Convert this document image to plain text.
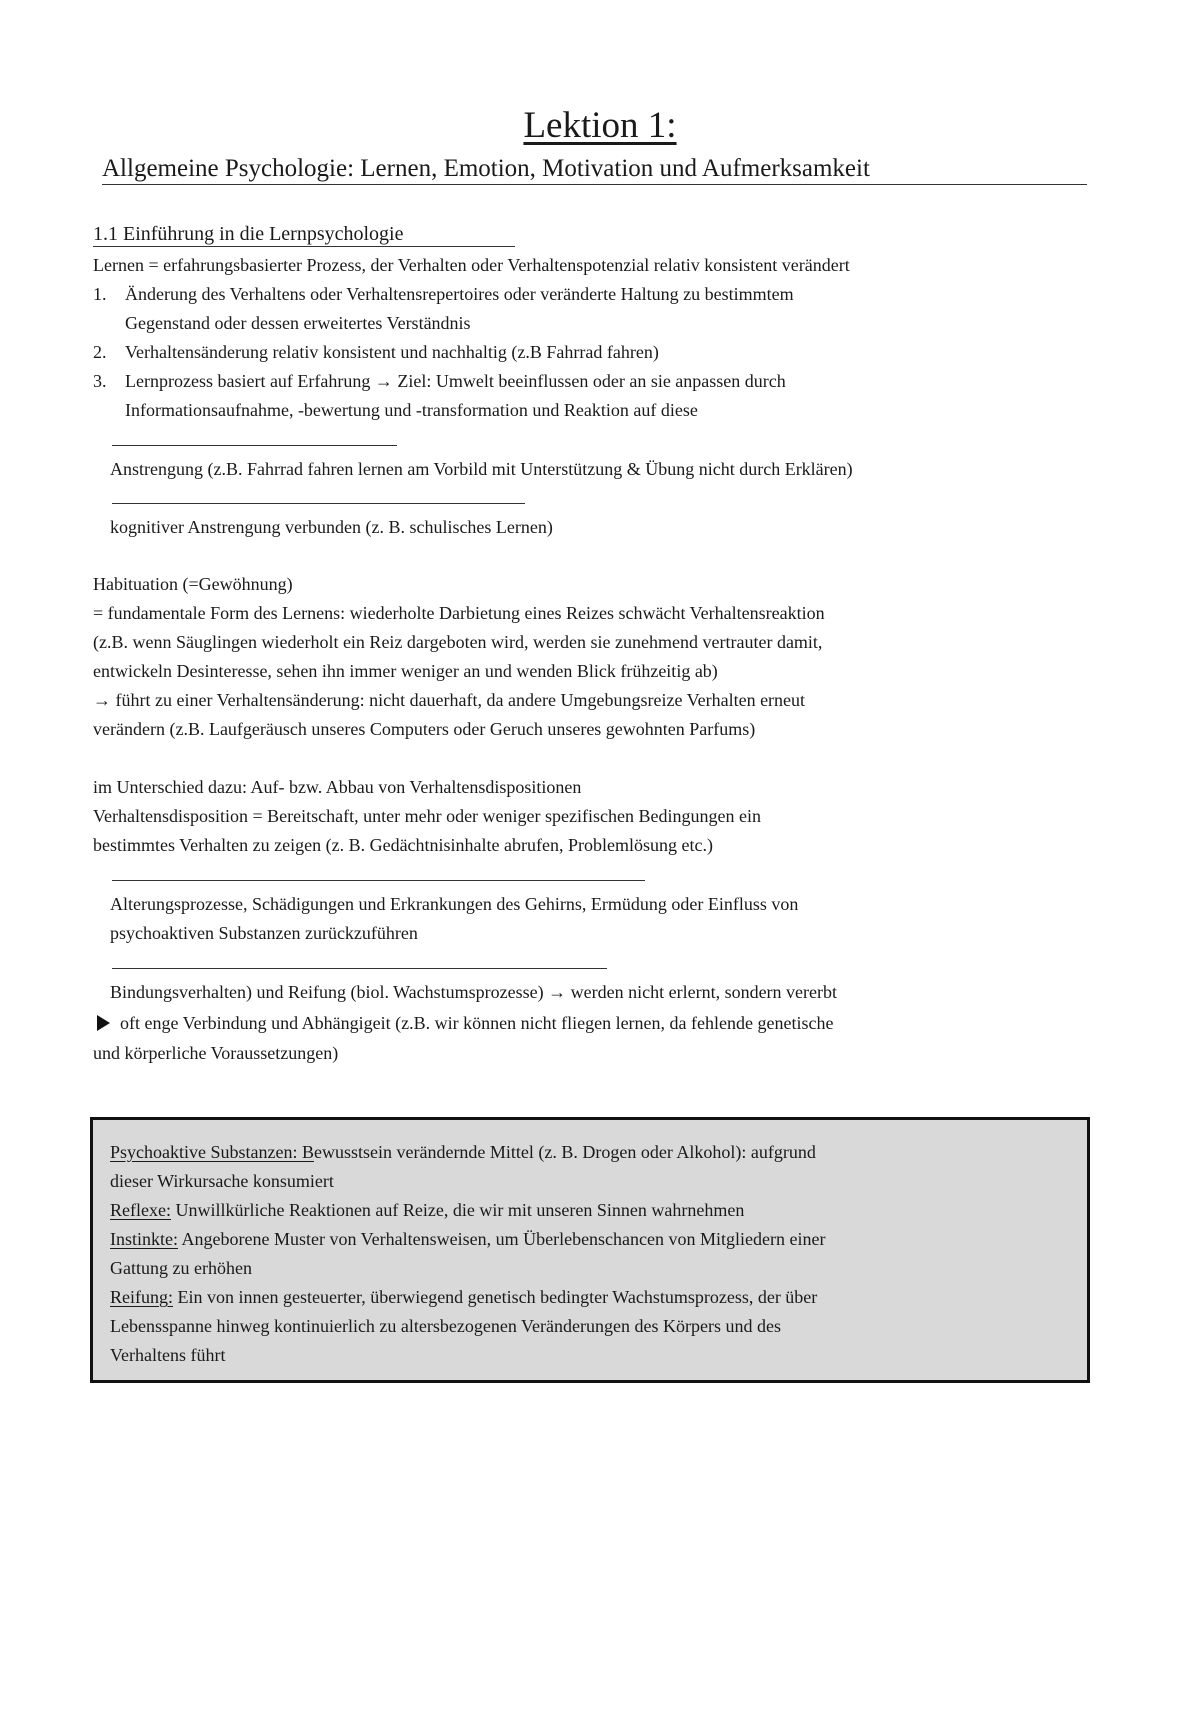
Lektion 1:
Allgemeine Psychologie: Lernen, Emotion, Motivation und Aufmerksamkeit
1.1 Einführung in die Lernpsychologie
Lernen = erfahrungsbasierter Prozess, der Verhalten oder Verhaltenspotenzial relativ konsistent verändert
1. Änderung des Verhaltens oder Verhaltensrepertoires oder veränderte Haltung zu bestimmtem
Gegenstand oder dessen erweitertes Verständnis
2. Verhaltensänderung relativ konsistent und nachhaltig (z.B Fahrrad fahren)
3. Lernprozess basiert auf Erfahrung → Ziel: Umwelt beeinflussen oder an sie anpassen durch
Informationsaufnahme, -bewertung und -transformation und Reaktion auf diese
Anstrengung (z.B. Fahrrad fahren lernen am Vorbild mit Unterstützung & Übung nicht durch Erklären)
kognitiver Anstrengung verbunden (z. B. schulisches Lernen)
Habituation (=Gewöhnung)
= fundamentale Form des Lernens: wiederholte Darbietung eines Reizes schwächt Verhaltensreaktion
(z.B. wenn Säuglingen wiederholt ein Reiz dargeboten wird, werden sie zunehmend vertrauter damit,
entwickeln Desinteresse, sehen ihn immer weniger an und wenden Blick frühzeitig ab)
→ führt zu einer Verhaltensänderung: nicht dauerhaft, da andere Umgebungsreize Verhalten erneut
verändern (z.B. Laufgeräusch unseres Computers oder Geruch unseres gewohnten Parfums)
im Unterschied dazu: Auf- bzw. Abbau von Verhaltensdispositionen
Verhaltensdisposition = Bereitschaft, unter mehr oder weniger spezifischen Bedingungen ein
bestimmtes Verhalten zu zeigen (z. B. Gedächtnisinhalte abrufen, Problemlösung etc.)
Alterungsprozesse, Schädigungen und Erkrankungen des Gehirns, Ermüdung oder Einfluss von
psychoaktiven Substanzen zurückzuführen
Bindungsverhalten) und Reifung (biol. Wachstumsprozesse) → werden nicht erlernt, sondern vererbt
oft enge Verbindung und Abhängigeit (z.B. wir können nicht fliegen lernen, da fehlende genetische
und körperliche Voraussetzungen)
Psychoaktive Substanzen: Bewusstsein verändernde Mittel (z. B. Drogen oder Alkohol): aufgrund
dieser Wirkursache konsumiert
Reflexe: Unwillkürliche Reaktionen auf Reize, die wir mit unseren Sinnen wahrnehmen
Instinkte: Angeborene Muster von Verhaltensweisen, um Überlebenschancen von Mitgliedern einer
Gattung zu erhöhen
Reifung: Ein von innen gesteuerter, überwiegend genetisch bedingter Wachstumsprozess, der über
Lebensspanne hinweg kontinuierlich zu altersbezogenen Veränderungen des Körpers und des
Verhaltens führt
